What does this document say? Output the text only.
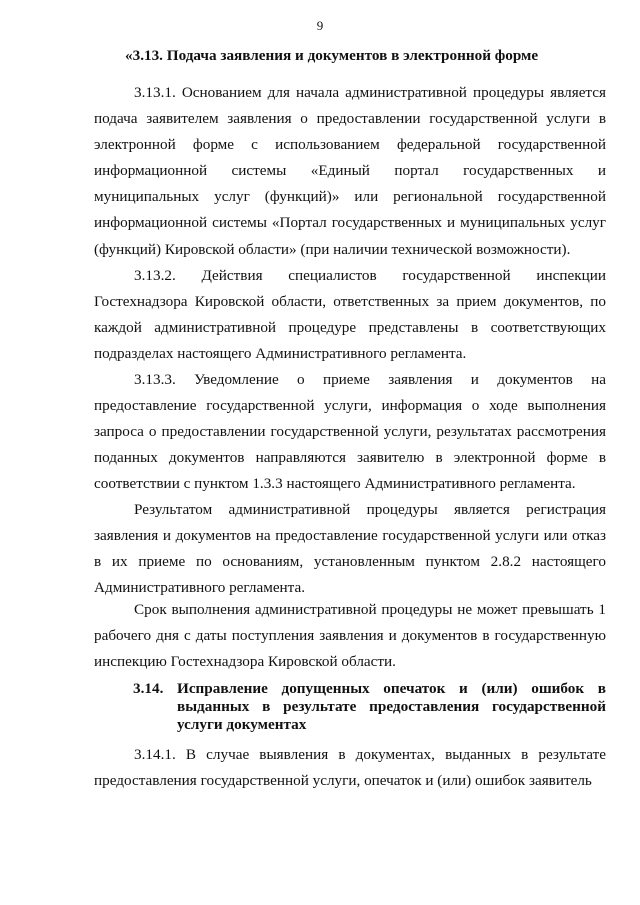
9
«3.13. Подача заявления и документов в электронной форме
3.13.1. Основанием для начала административной процедуры является подача заявителем заявления о предоставлении государственной услуги в электронной форме с использованием федеральной государственной информационной системы «Единый портал государственных и муниципальных услуг (функций)» или региональной государственной информационной системы «Портал государственных и муниципальных услуг (функций) Кировской области» (при наличии технической возможности).
3.13.2. Действия специалистов государственной инспекции Гостехнадзора Кировской области, ответственных за прием документов, по каждой административной процедуре представлены в соответствующих подразделах настоящего Административного регламента.
3.13.3. Уведомление о приеме заявления и документов на предоставление государственной услуги, информация о ходе выполнения запроса о предоставлении государственной услуги, результатах рассмотрения поданных документов направляются заявителю в электронной форме в соответствии с пунктом 1.3.3 настоящего Административного регламента.
Результатом административной процедуры является регистрация заявления и документов на предоставление государственной услуги или отказ в их приеме по основаниям, установленным пунктом 2.8.2 настоящего Административного регламента.
Срок выполнения административной процедуры не может превышать 1 рабочего дня с даты поступления заявления и документов в государственную инспекцию Гостехнадзора Кировской области.
3.14. Исправление допущенных опечаток и (или) ошибок в выданных в результате предоставления государственной услуги документах
3.14.1. В случае выявления в документах, выданных в результате предоставления государственной услуги, опечаток и (или) ошибок заявитель
